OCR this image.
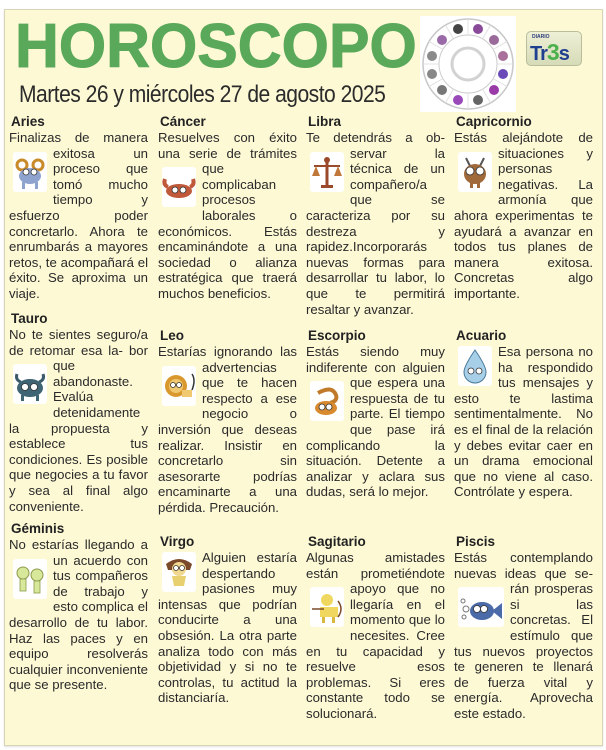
HOROSCOPO
Martes 26 y miércoles 27 de agosto 2025
DIARIO
Tr3s
Aries

Finalizas de manera
exitosa un proceso que tomó mucho tiempo y esfuerzo poder concretarlo. Ahora te enrumbarás a mayores retos, te acompañará el éxito. Se aproxima un viaje.

Cáncer

Resuelves con éxito una serie de trámites
que complicaban procesos laborales o económicos. Estás encaminándote a una sociedad o alianza estratégica que traerá muchos beneficios.

Libra

Te detendrás a ob-
servar la técnica de un compañero/a que se caracteriza por su destreza y rapidez.Incorporarás nuevas formas para desarrollar tu labor, lo que te permitirá resaltar y avanzar.

Capricornio

Estás alejándote de
situaciones y personas negativas. La armonía que ahora experimentas te ayudará a avanzar en todos tus planes de manera exitosa. Concretas algo importante.

Tauro

No te sientes seguro/a de retomar esa la- bor que abandonaste. Evalúa detenidamente la propuesta y establece tus condiciones. Es posible que negocies a tu favor y sea al final algo conveniente.

Leo

Estarías ignorando las advertencias que te hacen respecto a ese negocio o inversión que deseas realizar. Insistir en concretarlo sin asesorarte podrías encaminarte a una pérdida. Precaución.

Escorpio

Estás siendo muy indiferente con alguien
que espera una respuesta de tu parte. El tiempo que pase irá complicando la situación. Detente a analizar y aclara sus dudas, será lo mejor.

Acuario

Esa persona no ha respondido tus mensajes y esto te lastima sentimentalmente. No es el final de la relación y debes evitar caer en un drama emocional que no viene al caso. Contrólate y espera.

Géminis

No estarías llegando a un acuerdo con tus compañeros de trabajo y esto complica el desarrollo de tu labor. Haz las paces y en equipo resolverás cualquier inconveniente que se presente.

Virgo

Alguien estaría despertando pasiones muy intensas que podrían conducirte a una obsesión. La otra parte analiza todo con más objetividad y si no te controlas, tu actitud la distanciaría.

Sagitario

Algunas amistades están prometiéndote
apoyo que no llegaría en el momento que lo necesites. Cree en tu capacidad y resuelve esos problemas. Si eres constante todo se solucionará.

Piscis

Estás contemplando nuevas ideas que se-
rán prosperas si las concretas. El estímulo que tus nuevos proyectos te generen te llenará de fuerza vital y energía. Aprovecha este estado.
